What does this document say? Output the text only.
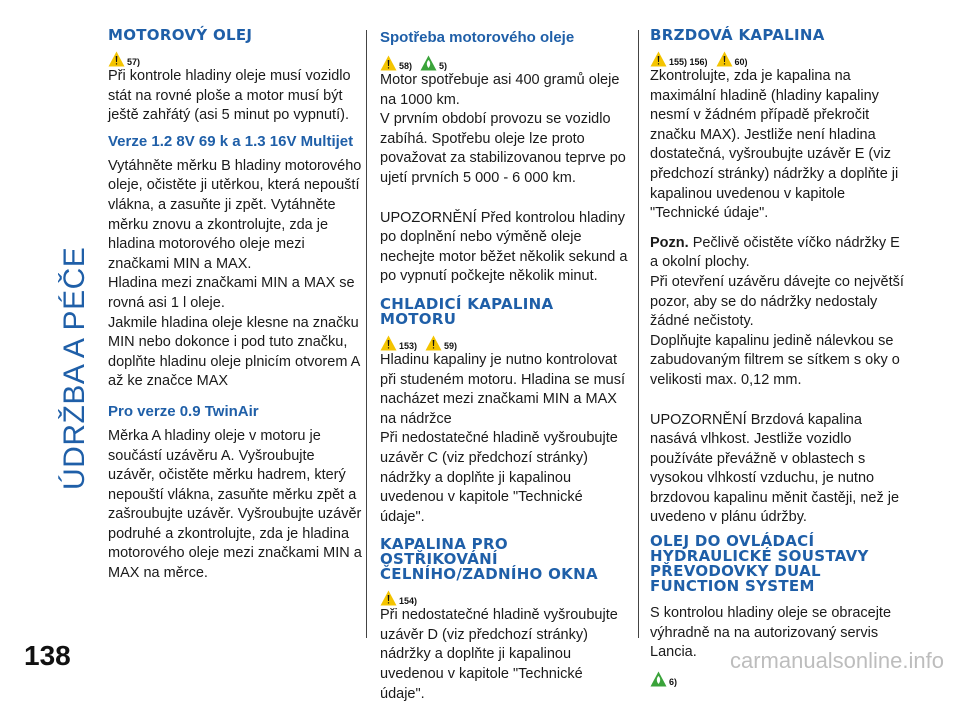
ÚDRŽBA A PÉČE
MOTOROVÝ OLEJ
57)

Při kontrole hladiny oleje musí vozidlo stát na rovné ploše a motor musí být ještě zahřátý (asi 5 minut po vypnutí).

Verze 1.2 8V 69 k a 1.3 16V Multijet

Vytáhněte měrku B hladiny motorového oleje, očistěte ji utěrkou, která nepouští vlákna, a zasuňte ji zpět. Vytáhněte měrku znovu a zkontrolujte, zda je hladina motorového oleje mezi značkami MIN a MAX.

Hladina mezi značkami MIN a MAX se rovná asi 1 l oleje.

Jakmile hladina oleje klesne na značku MIN nebo dokonce i pod tuto značku, doplňte hladinu oleje plnicím otvorem A až ke značce MAX

Pro verze 0.9 TwinAir

Měrka A hladiny oleje v motoru je součástí uzávěru A. Vyšroubujte uzávěr, očistěte měrku hadrem, který nepouští vlákna, zasuňte měrku zpět a zašroubujte uzávěr. Vyšroubujte uzávěr podruhé a zkontrolujte, zda je hladina motorového oleje mezi značkami MIN a MAX na měrce.

Spotřeba motorového oleje
58)	5)

Motor spotřebuje asi 400 gramů oleje na 1000 km.

V prvním období provozu se vozidlo zabíhá. Spotřebu oleje lze proto považovat za stabilizovanou teprve po ujetí prvních 5 000 - 6 000 km.

UPOZORNĚNÍ Před kontrolou hladiny po doplnění nebo výměně oleje nechejte motor běžet několik sekund a po vypnutí počkejte několik minut.

CHLADICÍ KAPALINA MOTORU
153)	59)

Hladinu kapaliny je nutno kontrolovat při studeném motoru. Hladina se musí nacházet mezi značkami MIN a MAX na nádržce

Při nedostatečné hladině vyšroubujte uzávěr C (viz předchozí stránky) nádržky a doplňte ji kapalinou uvedenou v kapitole "Technické údaje".

KAPALINA PRO OSTŘIKOVÁNÍ ČELNÍHO/ZADNÍHO OKNA
154)

Při nedostatečné hladině vyšroubujte uzávěr D (viz předchozí stránky) nádržky a doplňte ji kapalinou uvedenou v kapitole "Technické údaje".

BRZDOVÁ KAPALINA
155) 156)	60)

Zkontrolujte, zda je kapalina na maximální hladině (hladiny kapaliny nesmí v žádném případě překročit značku MAX). Jestliže není hladina dostatečná, vyšroubujte uzávěr E (viz předchozí stránky) nádržky a doplňte ji kapalinou uvedenou v kapitole "Technické údaje".

Pozn. Pečlivě očistěte víčko nádržky E a okolní plochy.

Při otevření uzávěru dávejte co největší pozor, aby se do nádržky nedostaly žádné nečistoty.

Doplňujte kapalinu jedině nálevkou se zabudovaným filtrem se sítkem s oky o velikosti max. 0,12 mm.

UPOZORNĚNÍ Brzdová kapalina nasává vlhkost. Jestliže vozidlo používáte převážně v oblastech s vysokou vlhkostí vzduchu, je nutno brzdovou kapalinu měnit častěji, než je uvedeno v plánu údržby.

OLEJ DO OVLÁDACÍ HYDRAULICKÉ SOUSTAVY PŘEVODOVKY DUAL FUNCTION SYSTEM

S kontrolou hladiny oleje se obracejte výhradně na na autorizovaný servis Lancia.

6)
138	carmanualsonline.info
